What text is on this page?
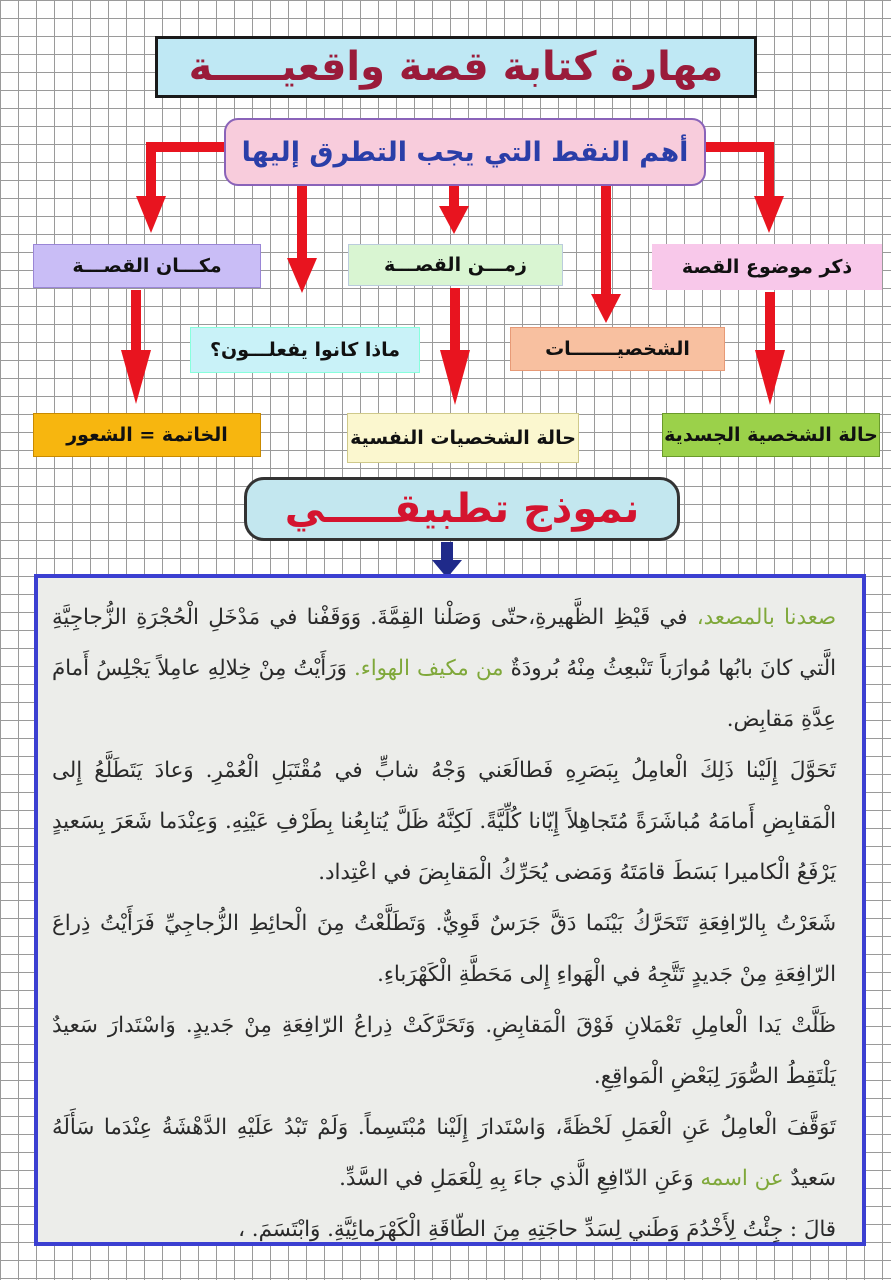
مهارة كتابة قصة واقعيـــــة
أهم النقط التي يجب التطرق إليها
ذكر موضوع القصة
زمـــن القصـــة
مكـــان القصـــة
الشخصيـــــــات
ماذا كانوا يفعلـــون؟
حالة الشخصية الجسدية
حالة الشخصيات النفسية
الخاتمة = الشعور
نموذج تطبيقـــــي
صعدنا بالمصعد، في قَيْظِ الظَّهيرةِ،حتّى وَصَلْنا القِمَّةَ. وَوَقَفْنا في مَدْخَلِ الْحُجْرَةِ الزُّجاجِيَّةِ الَّتي كانَ بابُها مُوارَباً تَنْبعِثُ مِنْهُ بُرودَةٌ من مكيف الهواء. وَرَأَيْتُ مِنْ خِلالِهِ عامِلاً يَجْلِسُ أَمامَ عِدَّةِ مَقابِض.
تَحَوَّلَ إِلَيْنا ذَلِكَ الْعامِلُ بِبَصَرِهِ فَطالَعَني وَجْهُ شابٍّ في مُقْتَبَلِ الْعُمْرِ. وَعادَ يَتَطَلَّعُ إِلى الْمَقابِضِ أَمامَهُ مُباشَرَةً مُتَجاهِلاً إِيّانا كُلِّيَّةً. لَكِنَّهُ ظَلَّ يُتابِعُنا بِطَرْفِ عَيْنِهِ. وَعِنْدَما شَعَرَ بِسَعيدٍ يَرْفَعُ الْكاميرا بَسَطَ قامَتَهُ وَمَضى يُحَرِّكُ الْمَقابِضَ في اعْتِداد.
شَعَرْتُ بِالرّافِعَةِ تَتَحَرَّكُ بَيْنَما دَقَّ جَرَسٌ قَوِيٌّ. وَتَطَلَّعْتُ مِنَ الْحائِطِ الزُّجاجِيِّ فَرَأَيْتُ ذِراعَ الرّافِعَةِ مِنْ جَديدٍ تَتَّجِهُ في الْهَواءِ إِلى مَحَطَّةِ الْكَهْرَباءِ.
ظَلَّتْ يَدا الْعامِلِ تَعْمَلانِ فَوْقَ الْمَقابِضِ. وَتَحَرَّكَتْ ذِراعُ الرّافِعَةِ مِنْ جَديدٍ. وَاسْتَدارَ سَعيدٌ يَلْتَقِطُ الصُّوَرَ لِبَعْضِ الْمَواقِعِ.
تَوَقَّفَ الْعامِلُ عَنِ الْعَمَلِ لَحْظَةً، وَاسْتَدارَ إِلَيْنا مُبْتَسِماً. وَلَمْ تَبْدُ عَلَيْهِ الدَّهْشَةُ عِنْدَما سَأَلَهُ سَعيدٌ عن اسمه وَعَنِ الدّافِعِ الَّذي جاءَ بِهِ لِلْعَمَلِ في السَّدِّ.
قالَ : جِئْتُ لِأَخْدُمَ وَطَني لِسَدِّ حاجَتِهِ مِنَ الطّاقَةِ الْكَهْرَمائِيَّةِ. وَابْتَسَمَ. ،
